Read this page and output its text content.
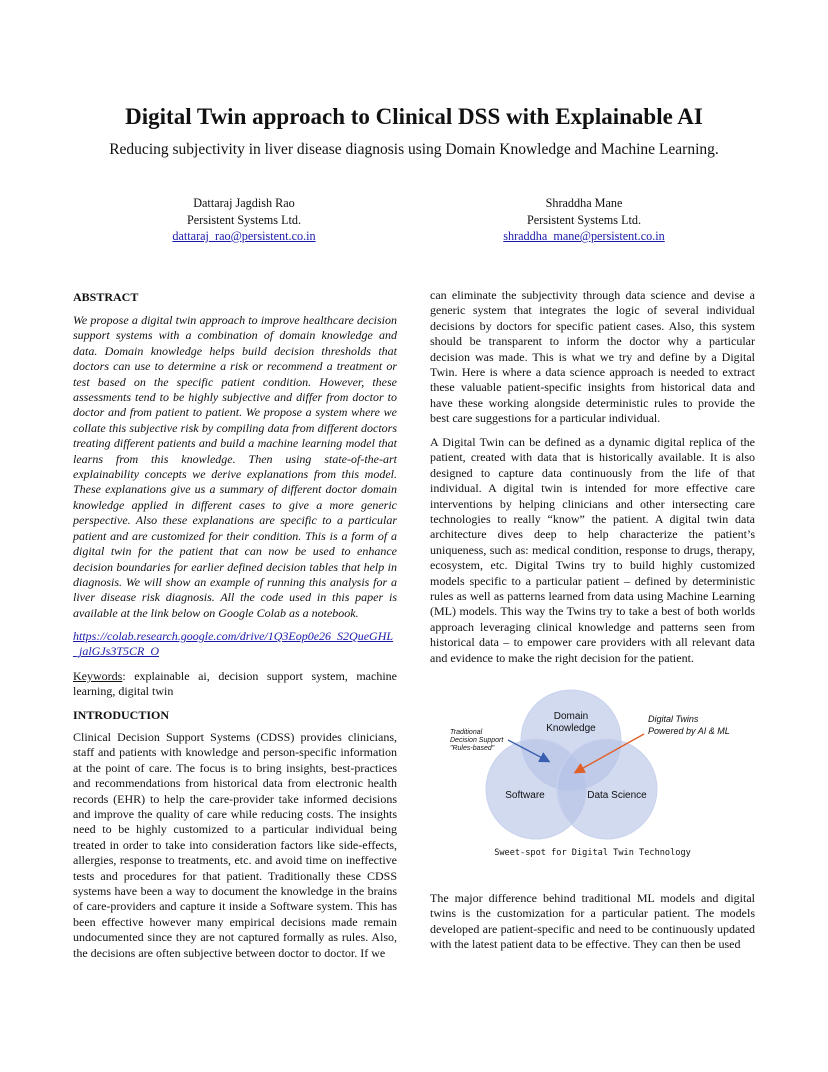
Digital Twin approach to Clinical DSS with Explainable AI
Reducing subjectivity in liver disease diagnosis using Domain Knowledge and Machine Learning.
Dattaraj Jagdish Rao
Persistent Systems Ltd.
dattaraj_rao@persistent.co.in
Shraddha Mane
Persistent Systems Ltd.
shraddha_mane@persistent.co.in
ABSTRACT
We propose a digital twin approach to improve healthcare decision support systems with a combination of domain knowledge and data. Domain knowledge helps build decision thresholds that doctors can use to determine a risk or recommend a treatment or test based on the specific patient condition. However, these assessments tend to be highly subjective and differ from doctor to doctor and from patient to patient. We propose a system where we collate this subjective risk by compiling data from different doctors treating different patients and build a machine learning model that learns from this knowledge. Then using state-of-the-art explainability concepts we derive explanations from this model. These explanations give us a summary of different doctor domain knowledge applied in different cases to give a more generic perspective. Also these explanations are specific to a particular patient and are customized for their condition. This is a form of a digital twin for the patient that can now be used to enhance decision boundaries for earlier defined decision tables that help in diagnosis. We will show an example of running this analysis for a liver disease risk diagnosis. All the code used in this paper is available at the link below on Google Colab as a notebook.
https://colab.research.google.com/drive/1Q3Eop0e26_S2QueGHL_jalGJs3T5CR_O
Keywords: explainable ai, decision support system, machine learning, digital twin
INTRODUCTION
Clinical Decision Support Systems (CDSS) provides clinicians, staff and patients with knowledge and person-specific information at the point of care. The focus is to bring insights, best-practices and recommendations from historical data from electronic health records (EHR) to help the care-provider take informed decisions and improve the quality of care while reducing costs. The insights need to be highly customized to a particular individual being treated in order to take into consideration factors like side-effects, allergies, response to treatments, etc. and avoid time on ineffective tests and procedures for that patient. Traditionally these CDSS systems have been a way to document the knowledge in the brains of care-providers and capture it inside a Software system. This has been effective however many empirical decisions made remain undocumented since they are not captured formally as rules. Also, the decisions are often subjective between doctor to doctor. If we
can eliminate the subjectivity through data science and devise a generic system that integrates the logic of several individual decisions by doctors for specific patient cases. Also, this system should be transparent to inform the doctor why a particular decision was made. This is what we try and define by a Digital Twin. Here is where a data science approach is needed to extract these valuable patient-specific insights from historical data and have these working alongside deterministic rules to provide the best care suggestions for a particular individual.
A Digital Twin can be defined as a dynamic digital replica of the patient, created with data that is historically available. It is also designed to capture data continuously from the life of that individual. A digital twin is intended for more effective care interventions by helping clinicians and other intersecting care technologies to really “know” the patient. A digital twin data architecture dives deep to help characterize the patient’s uniqueness, such as: medical condition, response to drugs, therapy, ecosystem, etc. Digital Twins try to build highly customized models specific to a particular patient – defined by deterministic rules as well as patterns learned from data using Machine Learning (ML) models. This way the Twins try to take a best of both worlds approach leveraging clinical knowledge and patterns seen from historical data – to empower care providers with all relevant data and evidence to make the right decision for the patient.
The major difference behind traditional ML models and digital twins is the customization for a particular patient. The models developed are patient-specific and need to be continuously updated with the latest patient data to be effective. They can then be used
Domain
Knowledge
Software	Data Science
Traditional
Decision Support
"Rules-based"
Digital Twins
Powered by AI & ML
Sweet-spot for Digital Twin Technology
